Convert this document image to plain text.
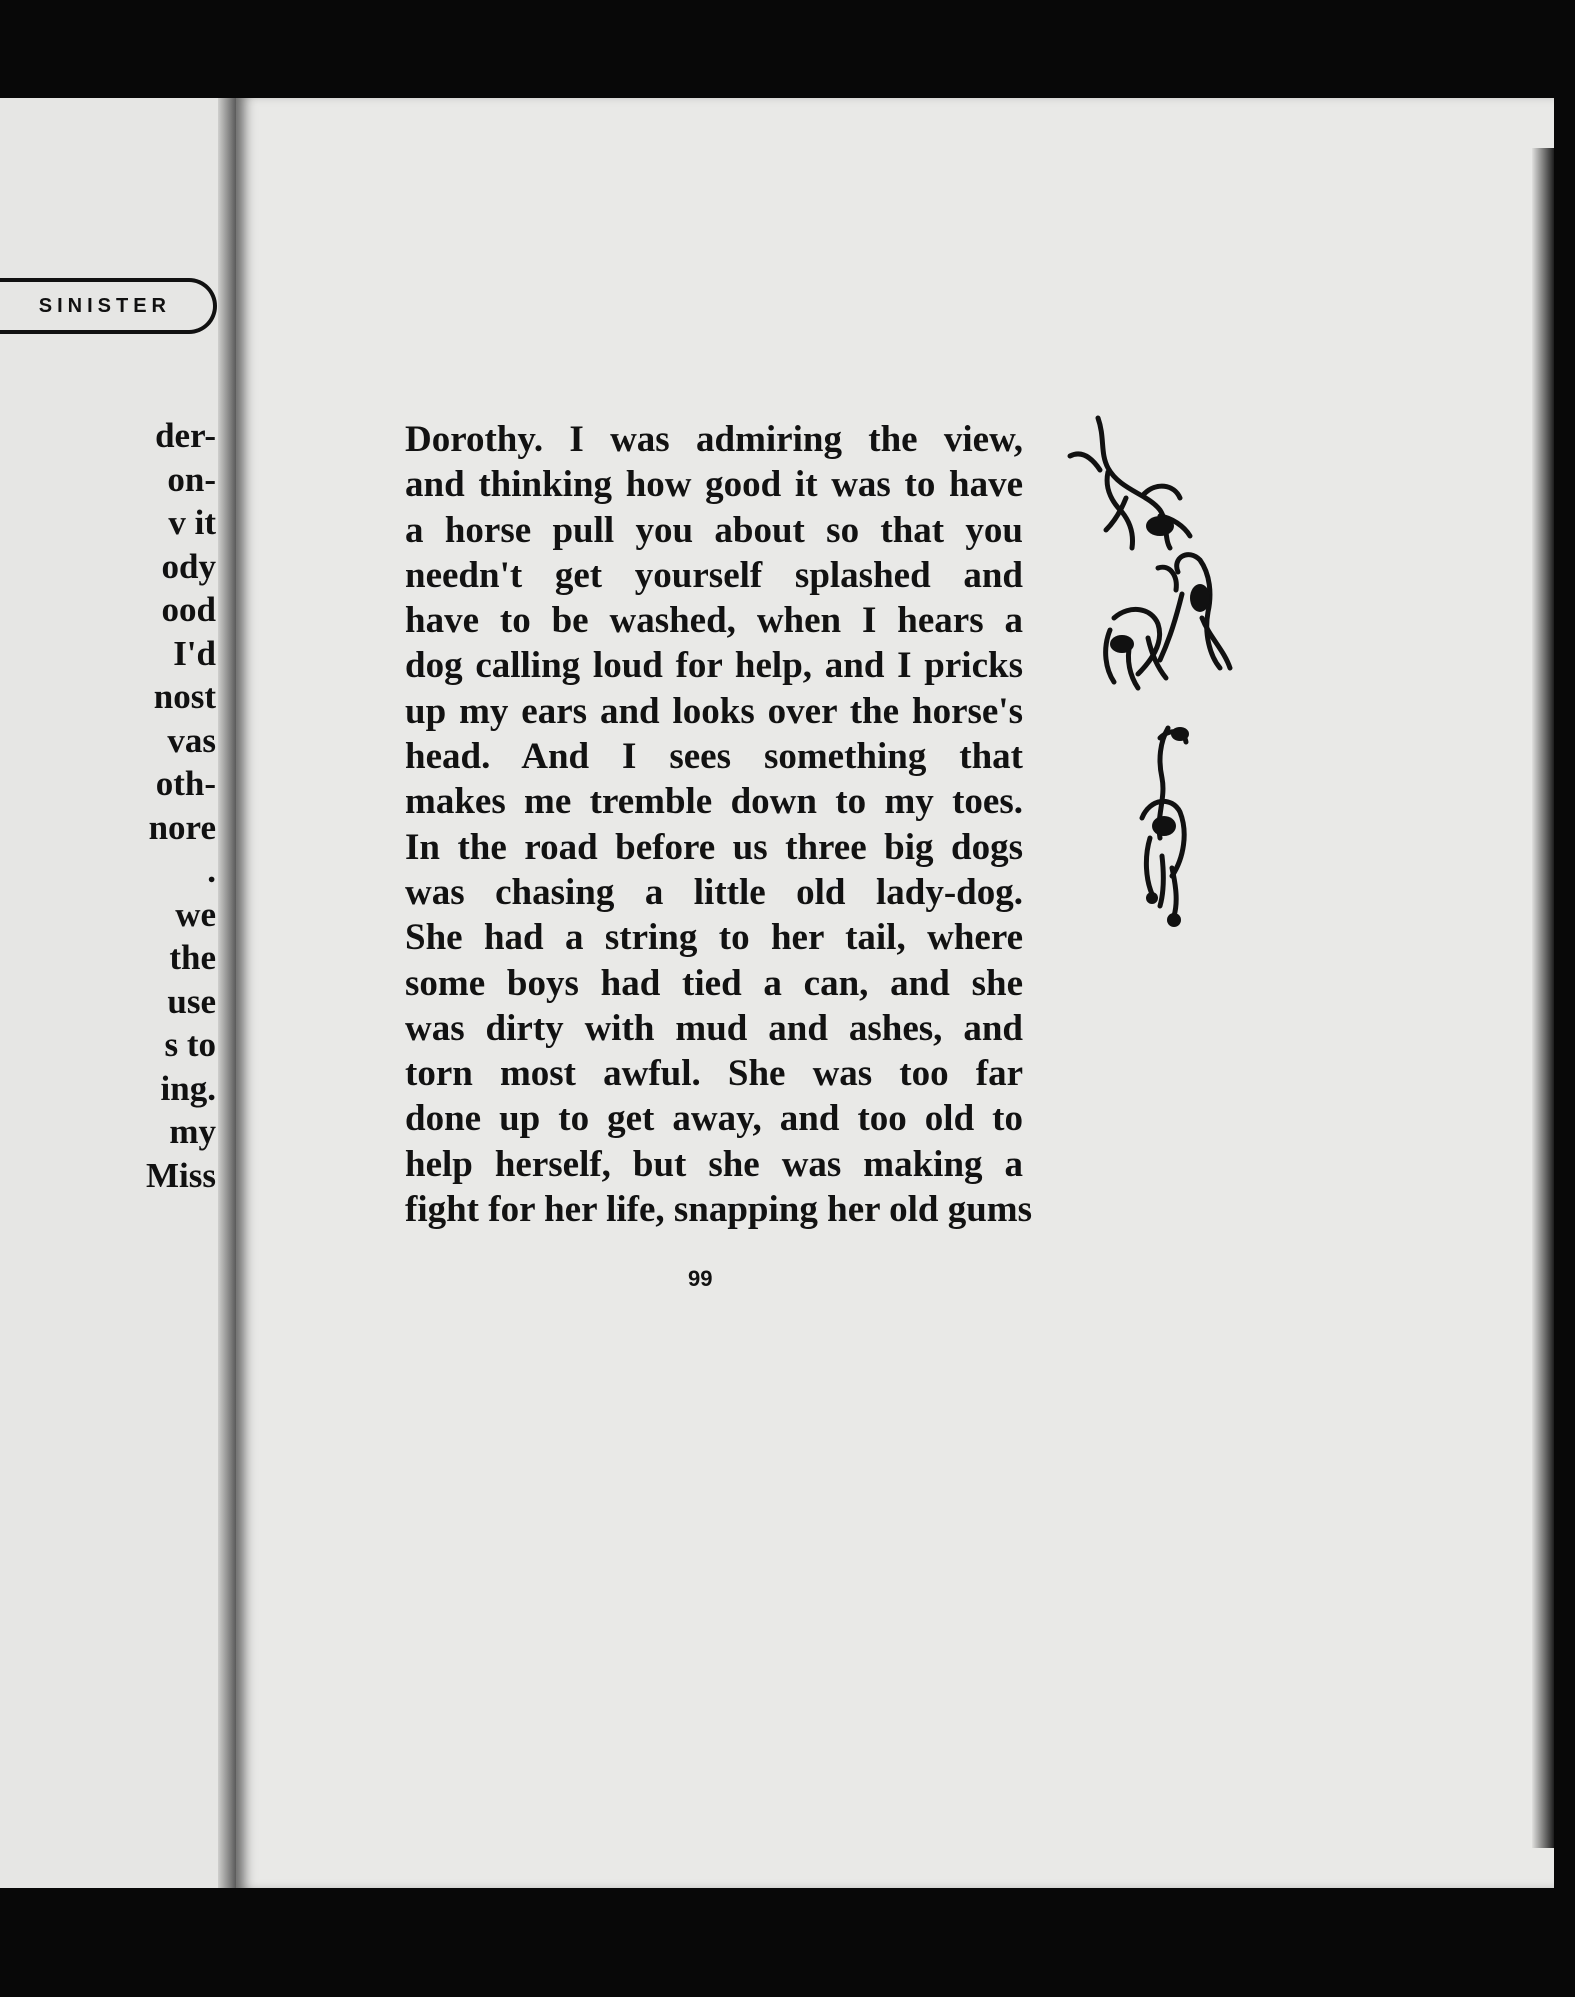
SINISTER
der-
on-
v it
ody
ood
I'd
nost
vas
oth-
nore
.
we
the
use
s to
ing.
my
Miss
Dorothy. I was admiring the view,
and thinking how good it was to have
a horse pull you about so that you
needn't get yourself splashed and
have to be washed, when I hears a
dog calling loud for help, and I pricks
up my ears and looks over the horse's
head. And I sees something that
makes me tremble down to my toes.
In the road before us three big dogs
was chasing a little old lady-dog.
She had a string to her tail, where
some boys had tied a can, and she
was dirty with mud and ashes, and
torn most awful. She was too far
done up to get away, and too old to
help herself, but she was making a
fight for her life, snapping her old gums
99
